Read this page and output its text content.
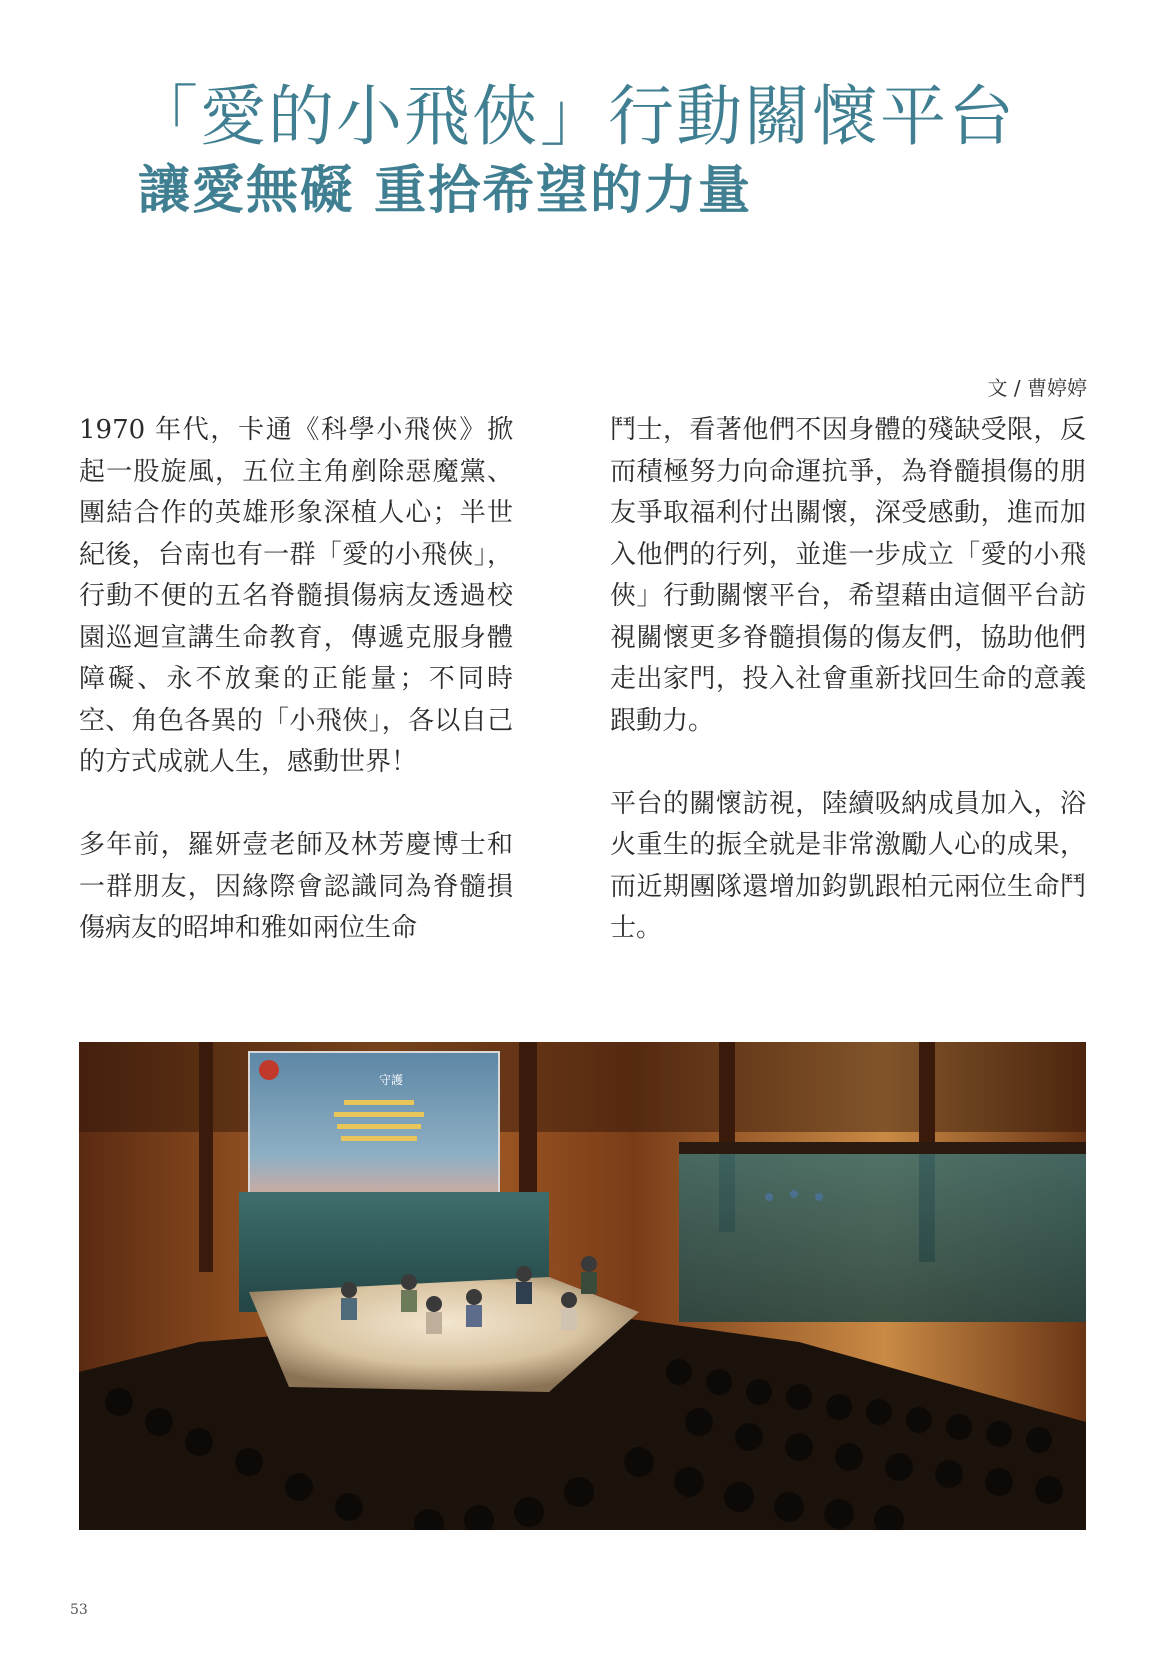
「愛的小飛俠」行動關懷平台
讓愛無礙 重拾希望的力量
文 / 曹婷婷

1970 年代，卡通《科學小飛俠》掀起一股旋風，五位主角剷除惡魔黨、團結合作的英雄形象深植人心；半世紀後，台南也有一群「愛的小飛俠」，行動不便的五名脊髓損傷病友透過校園巡迴宣講生命教育，傳遞克服身體障礙、永不放棄的正能量；不同時空、角色各異的「小飛俠」，各以自己的方式成就人生，感動世界！

多年前，羅妍壹老師及林芳慶博士和一群朋友，因緣際會認識同為脊髓損傷病友的昭坤和雅如兩位生命

鬥士，看著他們不因身體的殘缺受限，反而積極努力向命運抗爭，為脊髓損傷的朋友爭取福利付出關懷，深受感動，進而加入他們的行列，並進一步成立「愛的小飛俠」行動關懷平台，希望藉由這個平台訪視關懷更多脊髓損傷的傷友們，協助他們走出家門，投入社會重新找回生命的意義跟動力。

平台的關懷訪視，陸續吸納成員加入，浴火重生的振全就是非常激勵人心的成果，而近期團隊還增加鈞凱跟柏元兩位生命鬥士。

守護
53
